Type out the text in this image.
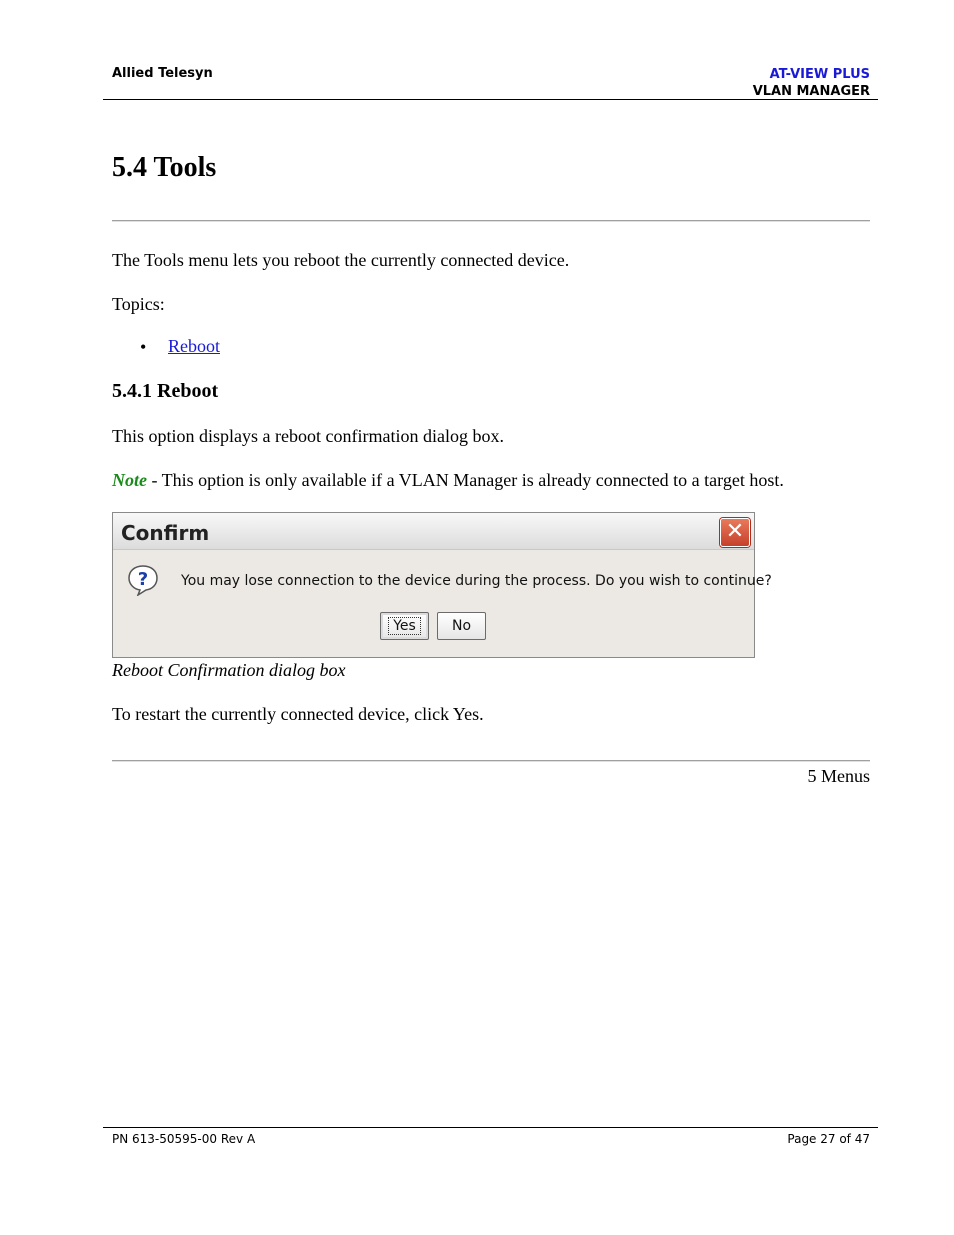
Allied Telesyn	AT-VIEW PLUS
VLAN MANAGER
5.4 Tools
The Tools menu lets you reboot the currently connected device.
Topics:
• Reboot
5.4.1 Reboot
This option displays a reboot confirmation dialog box.
Note - This option is only available if a VLAN Manager is already connected to a target host.
Confirm	✕
? You may lose connection to the device during the process. Do you wish to continue?
Yes	No
Reboot Confirmation dialog box
To restart the currently connected device, click Yes.
5 Menus
PN 613-50595-00 Rev A	Page 27 of 47
